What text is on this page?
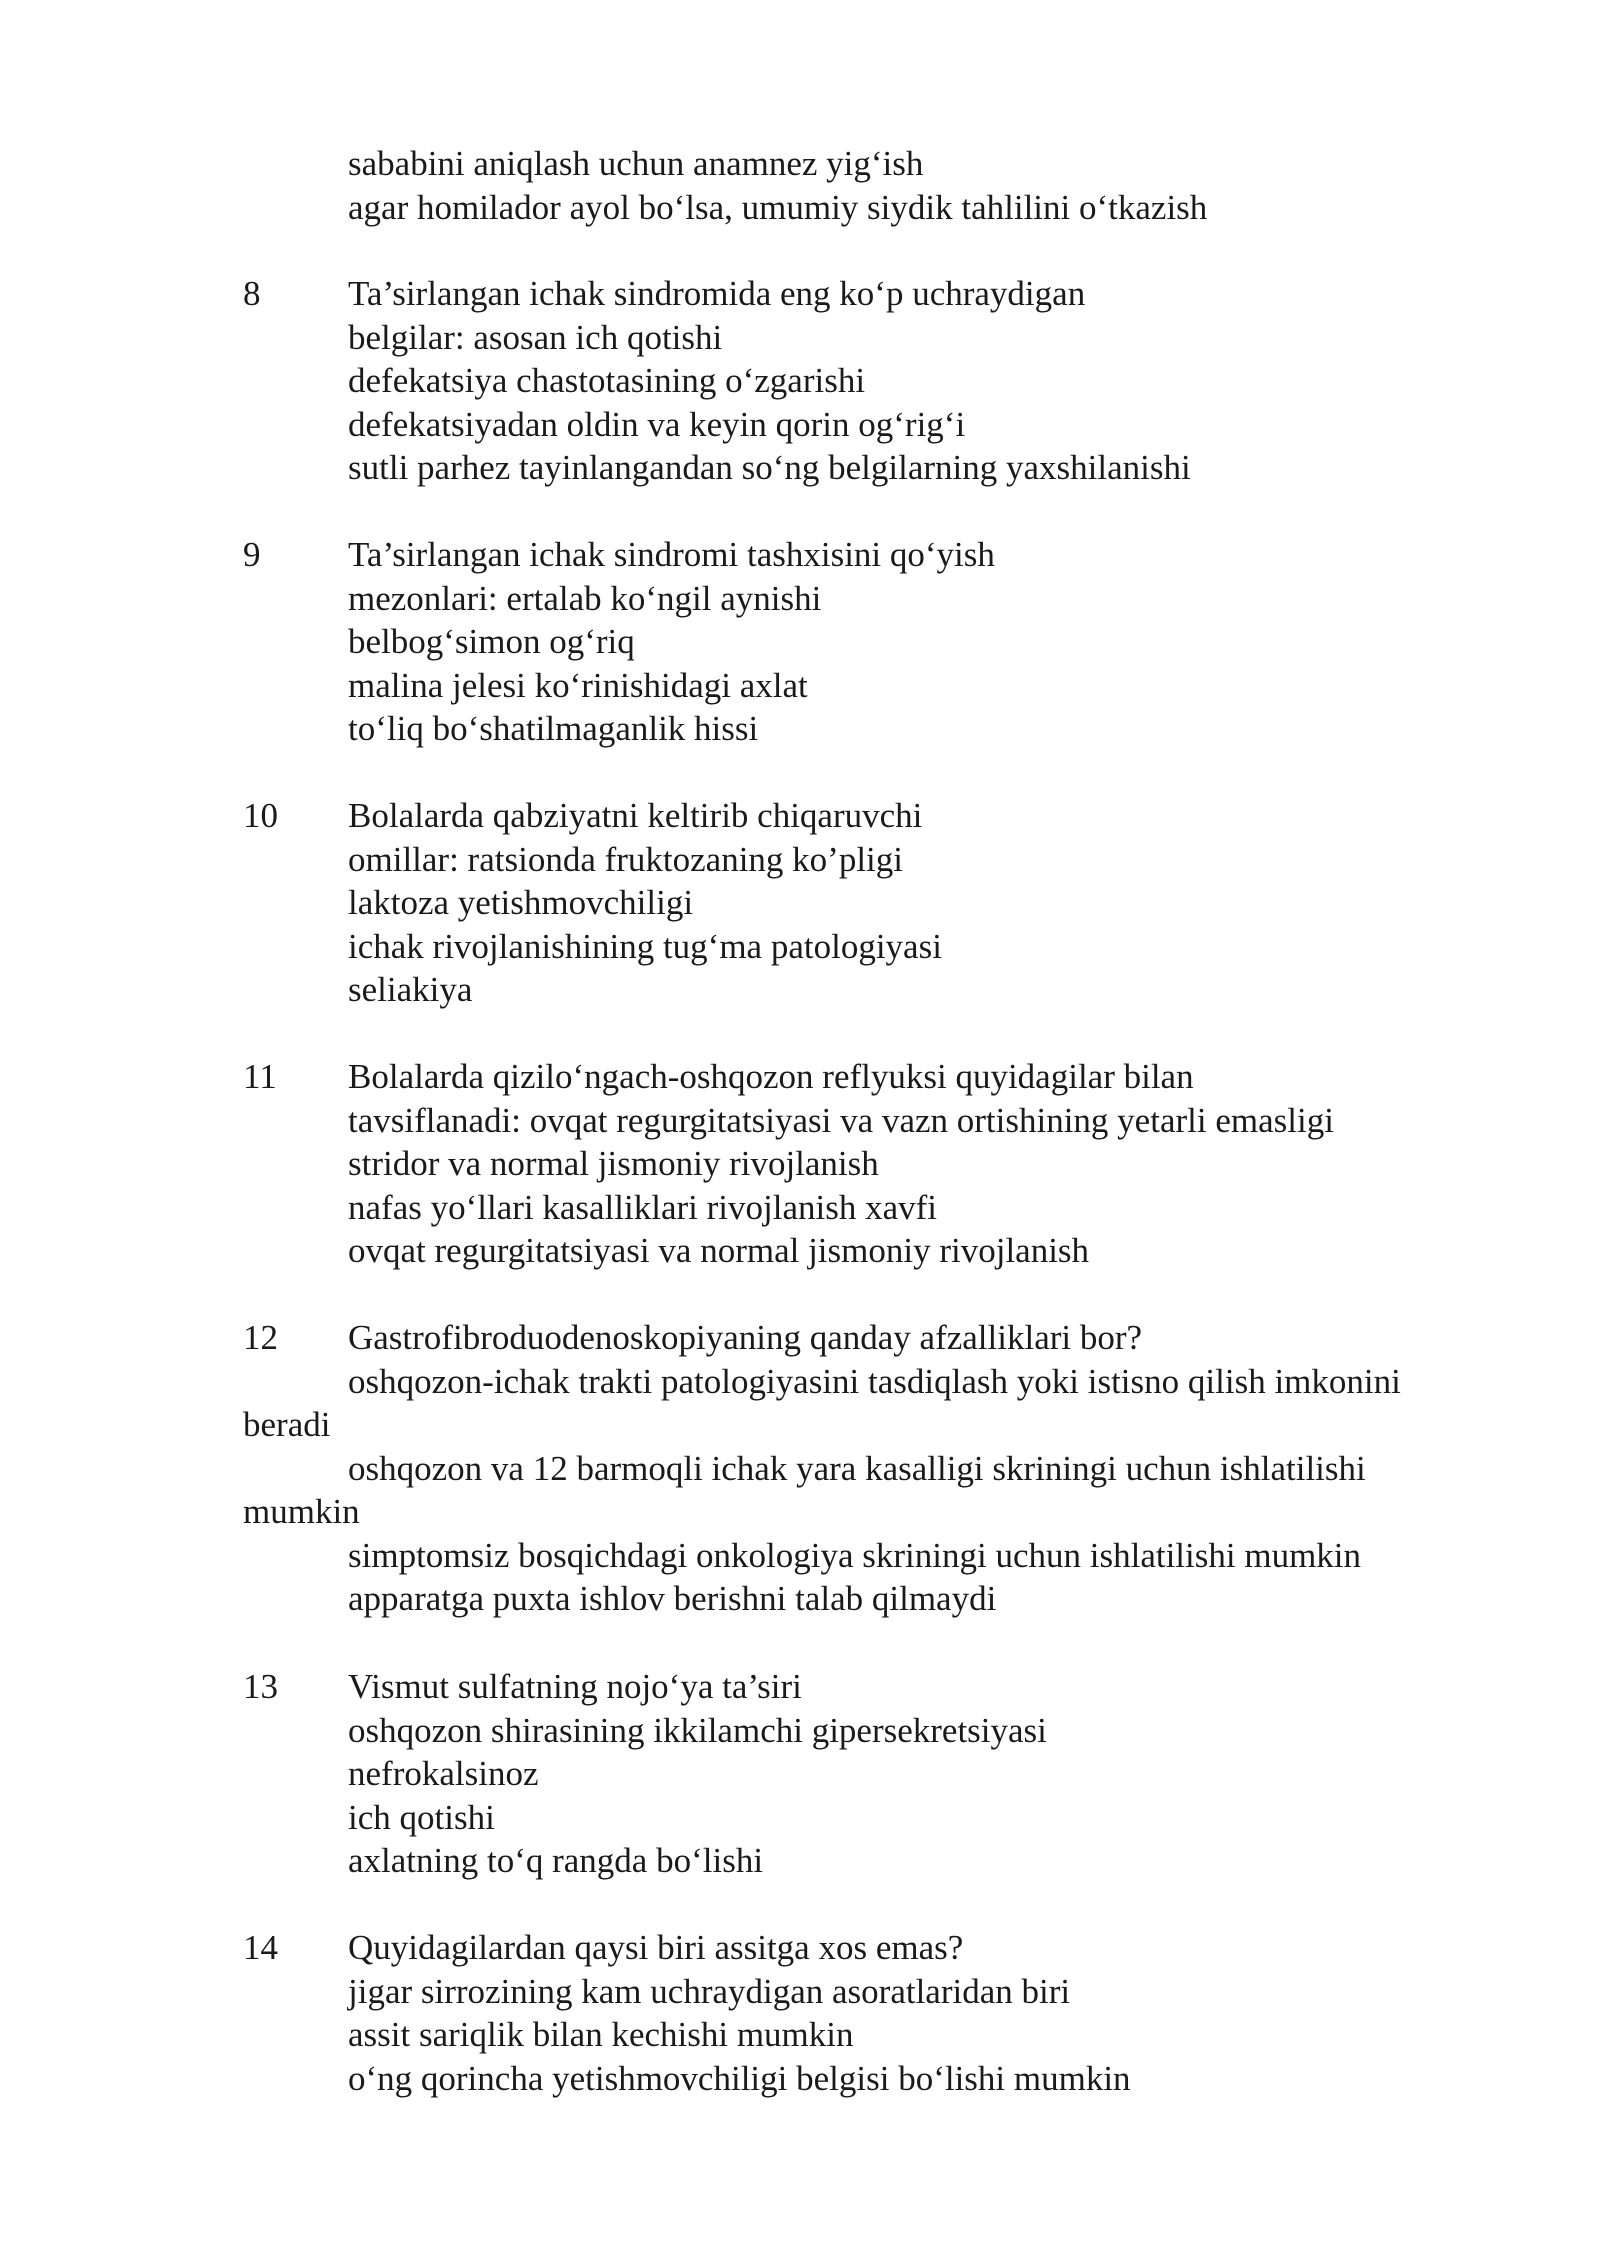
sababini aniqlash uchun anamnez yig‘ish
agar homilador ayol bo‘lsa, umumiy siydik tahlilini o‘tkazish
8	Ta’sirlangan ichak sindromida eng ko‘p uchraydigan
belgilar: asosan ich qotishi
defekatsiya chastotasining o‘zgarishi
defekatsiyadan oldin va keyin qorin og‘rig‘i
sutli parhez tayinlangandan so‘ng belgilarning yaxshilanishi
9	Ta’sirlangan ichak sindromi tashxisini qo‘yish
mezonlari: ertalab ko‘ngil aynishi
belbog‘simon og‘riq
malina jelesi ko‘rinishidagi axlat
to‘liq bo‘shatilmaganlik hissi
10	Bolalarda qabziyatni keltirib chiqaruvchi
omillar: ratsionda fruktozaning ko’pligi
laktoza yetishmovchiligi
ichak rivojlanishining tug‘ma patologiyasi
seliakiya
11	Bolalarda qizilo‘ngach-oshqozon reflyuksi quyidagilar bilan
tavsiflanadi: ovqat regurgitatsiyasi va vazn ortishining yetarli emasligi
stridor va normal jismoniy rivojlanish
nafas yo‘llari kasalliklari rivojlanish xavfi
ovqat regurgitatsiyasi va normal jismoniy rivojlanish
12	Gastrofibroduodenoskopiyaning qanday afzalliklari bor?
oshqozon-ichak trakti patologiyasini tasdiqlash yoki istisno qilish imkonini
beradi
oshqozon va 12 barmoqli ichak yara kasalligi skriningi uchun ishlatilishi
mumkin
simptomsiz bosqichdagi onkologiya skriningi uchun ishlatilishi mumkin
apparatga puxta ishlov berishni talab qilmaydi
13	Vismut sulfatning nojo‘ya ta’siri
oshqozon shirasining ikkilamchi gipersekretsiyasi
nefrokalsinoz
ich qotishi
axlatning to‘q rangda bo‘lishi
14	Quyidagilardan qaysi biri assitga xos emas?
jigar sirrozining kam uchraydigan asoratlaridan biri
assit sariqlik bilan kechishi mumkin
o‘ng qorincha yetishmovchiligi belgisi bo‘lishi mumkin
